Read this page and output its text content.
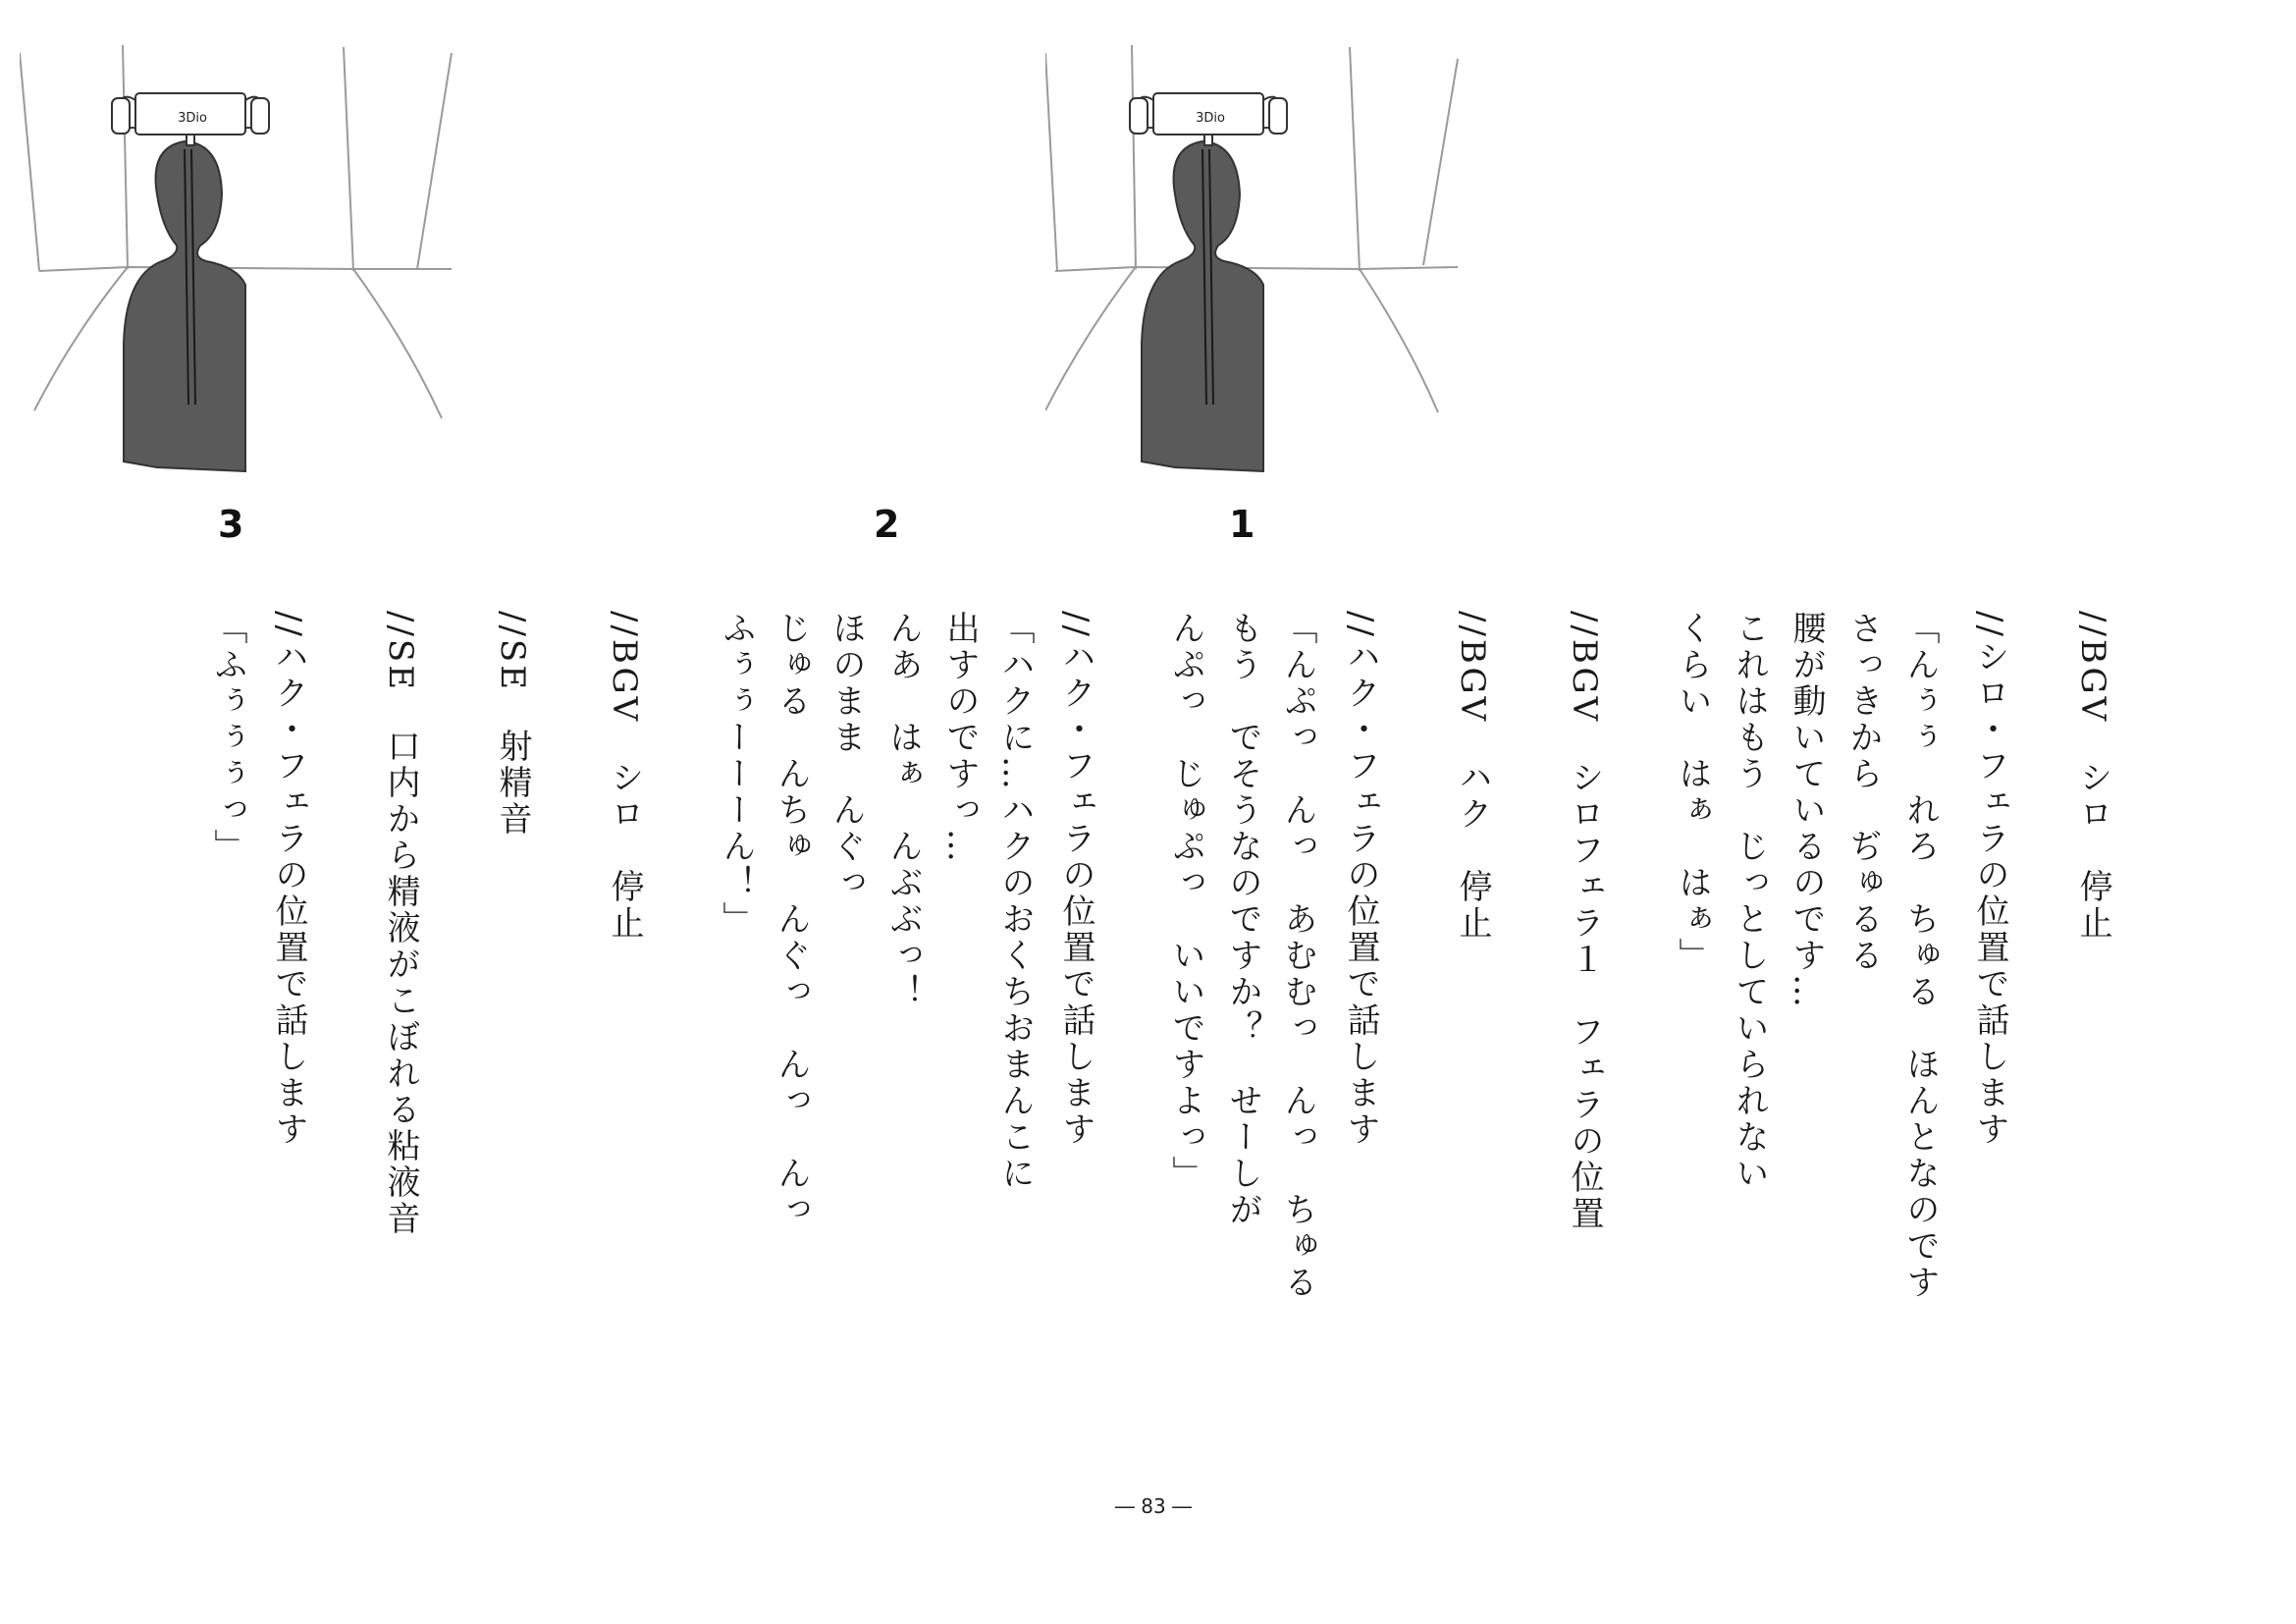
3Dio
3	2
3Dio
1
//BGV　シロ　停止
//シロ・フェラの位置で話します
「んぅぅ　れろ　ちゅる　ほんとなのです
さっきから　ぢゅるる
腰が動いているのです…
これはもう　じっとしていられない
くらい　はぁ　はぁ」
//BGV　シロフェラ１　フェラの位置
//BGV　ハク　停止
//ハク・フェラの位置で話します
「んぷっ　んっ　あむむっ　んっ　ちゅる
もう　でそうなのですか？　せーしが
んぷっ　じゅぷっ　いいですよっ」
//ハク・フェラの位置で話します
「ハクに…ハクのおくちおまんこに
出すのですっ…
んあ　はぁ　んぶぶっ！
ほのまま　んぐっ
じゅる　んちゅ　んぐっ　んっ　んっ
ふぅぅーーーん！」
//BGV　シロ　停止
//SE　射精音
//SE　口内から精液がこぼれる粘液音
//ハク・フェラの位置で話します
「ふぅぅぅっ」
― 83 ―
